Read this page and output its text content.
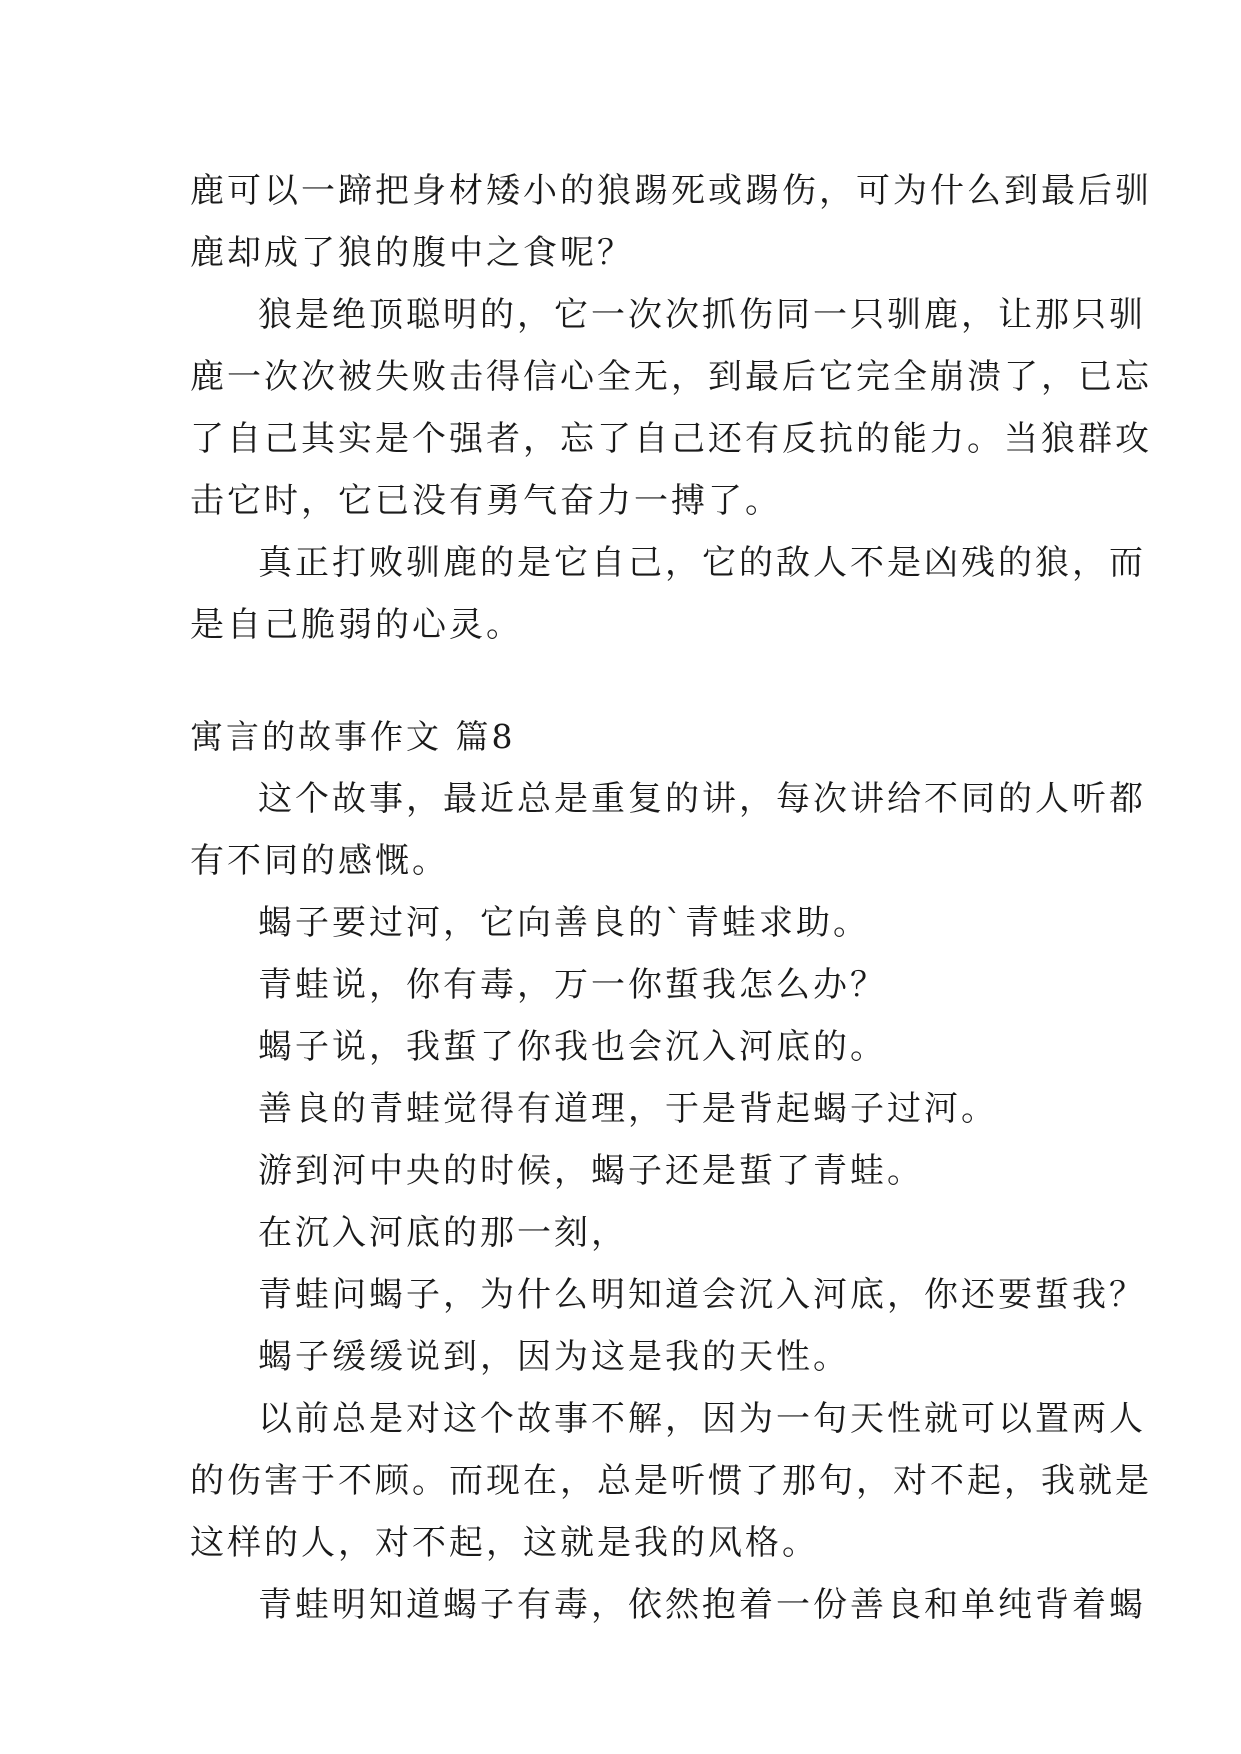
鹿可以一蹄把身材矮小的狼踢死或踢伤，可为什么到最后驯
鹿却成了狼的腹中之食呢？
狼是绝顶聪明的，它一次次抓伤同一只驯鹿，让那只驯
鹿一次次被失败击得信心全无，到最后它完全崩溃了，已忘
了自己其实是个强者，忘了自己还有反抗的能力。当狼群攻
击它时，它已没有勇气奋力一搏了。
真正打败驯鹿的是它自己，它的敌人不是凶残的狼，而
是自己脆弱的心灵。
寓言的故事作文 篇8
这个故事，最近总是重复的讲，每次讲给不同的人听都
有不同的感慨。
蝎子要过河，它向善良的`青蛙求助。
青蛙说，你有毒，万一你蜇我怎么办？
蝎子说，我蜇了你我也会沉入河底的。
善良的青蛙觉得有道理，于是背起蝎子过河。
游到河中央的时候，蝎子还是蜇了青蛙。
在沉入河底的那一刻，
青蛙问蝎子，为什么明知道会沉入河底，你还要蜇我？
蝎子缓缓说到，因为这是我的天性。
以前总是对这个故事不解，因为一句天性就可以置两人
的伤害于不顾。而现在，总是听惯了那句，对不起，我就是
这样的人，对不起，这就是我的风格。
青蛙明知道蝎子有毒，依然抱着一份善良和单纯背着蝎
